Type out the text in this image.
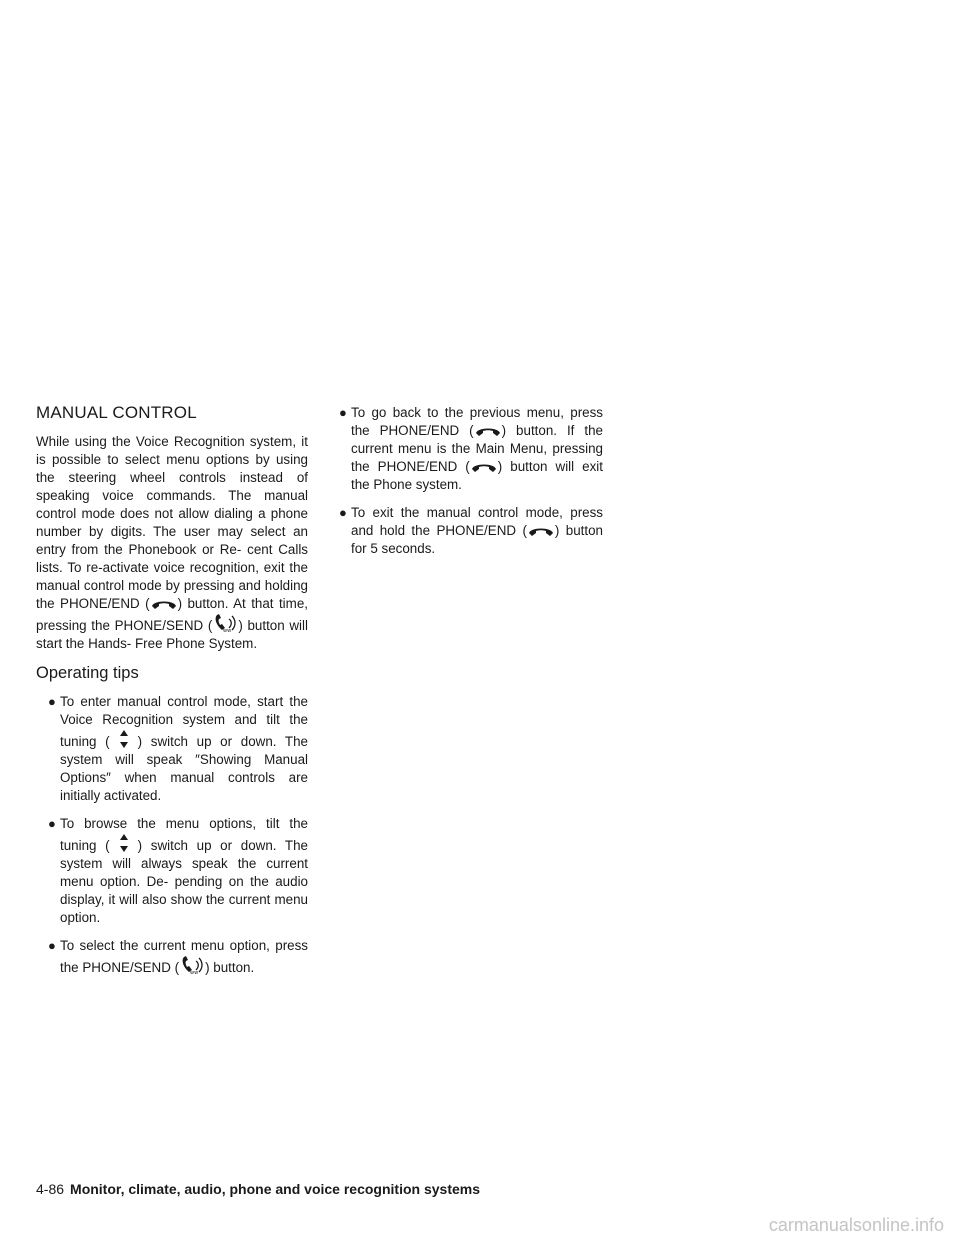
MANUAL CONTROL

While using the Voice Recognition system, it is possible to select menu options by using the steering wheel controls instead of speaking voice commands. The manual control mode does not allow dialing a phone number by digits. The user may select an entry from the Phonebook or Re- cent Calls lists. To re-activate voice recognition, exit the manual control mode by pressing and holding the PHONE/END ( ) button. At that time, pressing the PHONE/SEND ( ww ) button will start the Hands- Free Phone System.

Operating tips
● To enter manual control mode, start the Voice Recognition system and tilt the tuning ( ) switch up or down. The system will speak ″Showing Manual Options″ when manual controls are initially activated.
● To browse the menu options, tilt the tuning ( ) switch up or down. The system will always speak the current menu option. De- pending on the audio display, it will also show the current menu option.
● To select the current menu option, press the PHONE/SEND ( ww ) button.
● To go back to the previous menu, press the PHONE/END ( ) button. If the current menu is the Main Menu, pressing the PHONE/END ( ) button will exit the Phone system.
● To exit the manual control mode, press and hold the PHONE/END ( ) button for 5 seconds.
4-86 Monitor, climate, audio, phone and voice recognition systems
carmanualsonline.info
